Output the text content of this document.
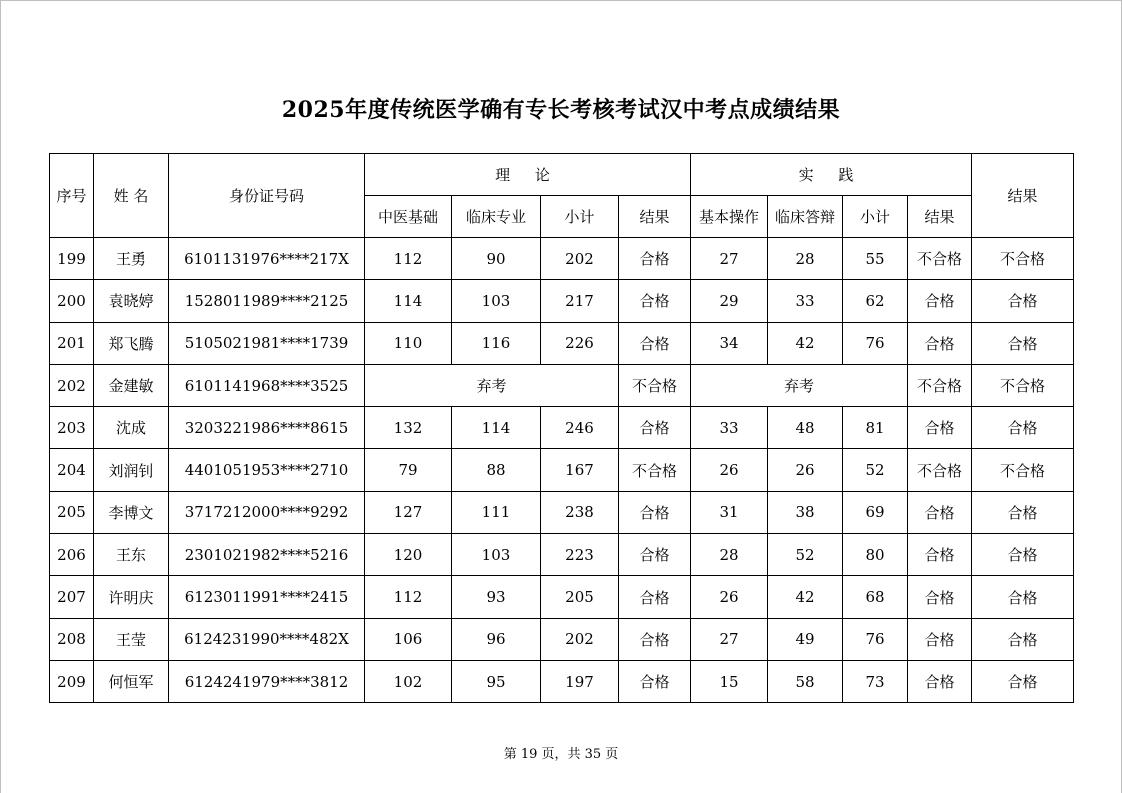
2025年度传统医学确有专长考核考试汉中考点成绩结果
序号	姓 名	身份证号码	理 论				实 践				结果
			中医基础	临床专业	小计	结果	基本操作	临床答辩	小计	结果	
199	王勇	6101131976****217X	112	90	202	合格	27	28	55	不合格	不合格
200	袁晓婷	1528011989****2125	114	103	217	合格	29	33	62	合格	合格
201	郑飞腾	5105021981****1739	110	116	226	合格	34	42	76	合格	合格
202	金建敏	6101141968****3525	弃考			不合格	弃考			不合格	不合格
203	沈成	3203221986****8615	132	114	246	合格	33	48	81	合格	合格
204	刘润钊	4401051953****2710	79	88	167	不合格	26	26	52	不合格	不合格
205	李博文	3717212000****9292	127	111	238	合格	31	38	69	合格	合格
206	王东	2301021982****5216	120	103	223	合格	28	52	80	合格	合格
207	许明庆	6123011991****2415	112	93	205	合格	26	42	68	合格	合格
208	王莹	6124231990****482X	106	96	202	合格	27	49	76	合格	合格
209	何恒军	6124241979****3812	102	95	197	合格	15	58	73	合格	合格
第 19 页，共 35 页
